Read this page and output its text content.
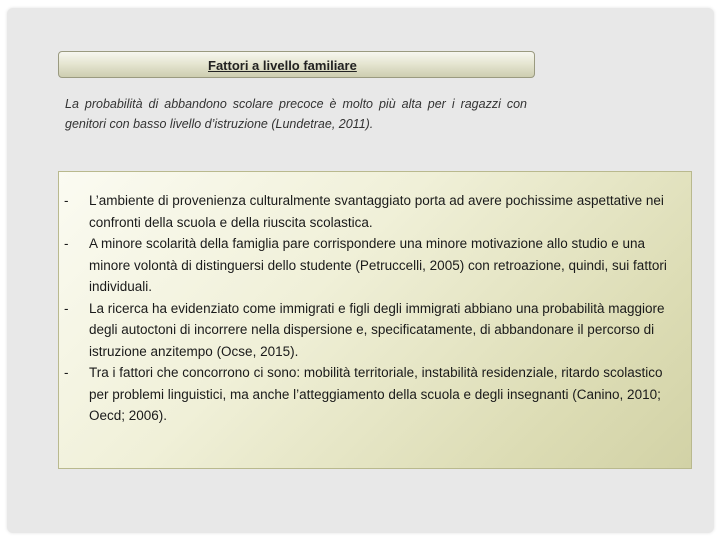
Fattori a livello familiare
La probabilità di abbandono scolare precoce è molto più alta per i ragazzi con genitori con basso livello d’istruzione (Lundetrae, 2011).
-	L’ambiente di provenienza culturalmente svantaggiato porta ad avere pochissime aspettative nei confronti della scuola e della riuscita scolastica.
-	A minore scolarità della famiglia pare corrispondere una minore motivazione allo studio e una minore volontà di distinguersi dello studente (Petruccelli, 2005) con retroazione, quindi, sui fattori individuali.
-	La ricerca ha evidenziato come immigrati e figli degli immigrati abbiano una probabilità maggiore degli autoctoni di incorrere nella dispersione e, specificatamente, di abbandonare il percorso di istruzione anzitempo (Ocse, 2015).
-	Tra i fattori che concorrono ci sono: mobilità territoriale, instabilità residenziale, ritardo scolastico per problemi linguistici, ma anche l’atteggiamento della scuola e degli insegnanti (Canino, 2010; Oecd; 2006).
